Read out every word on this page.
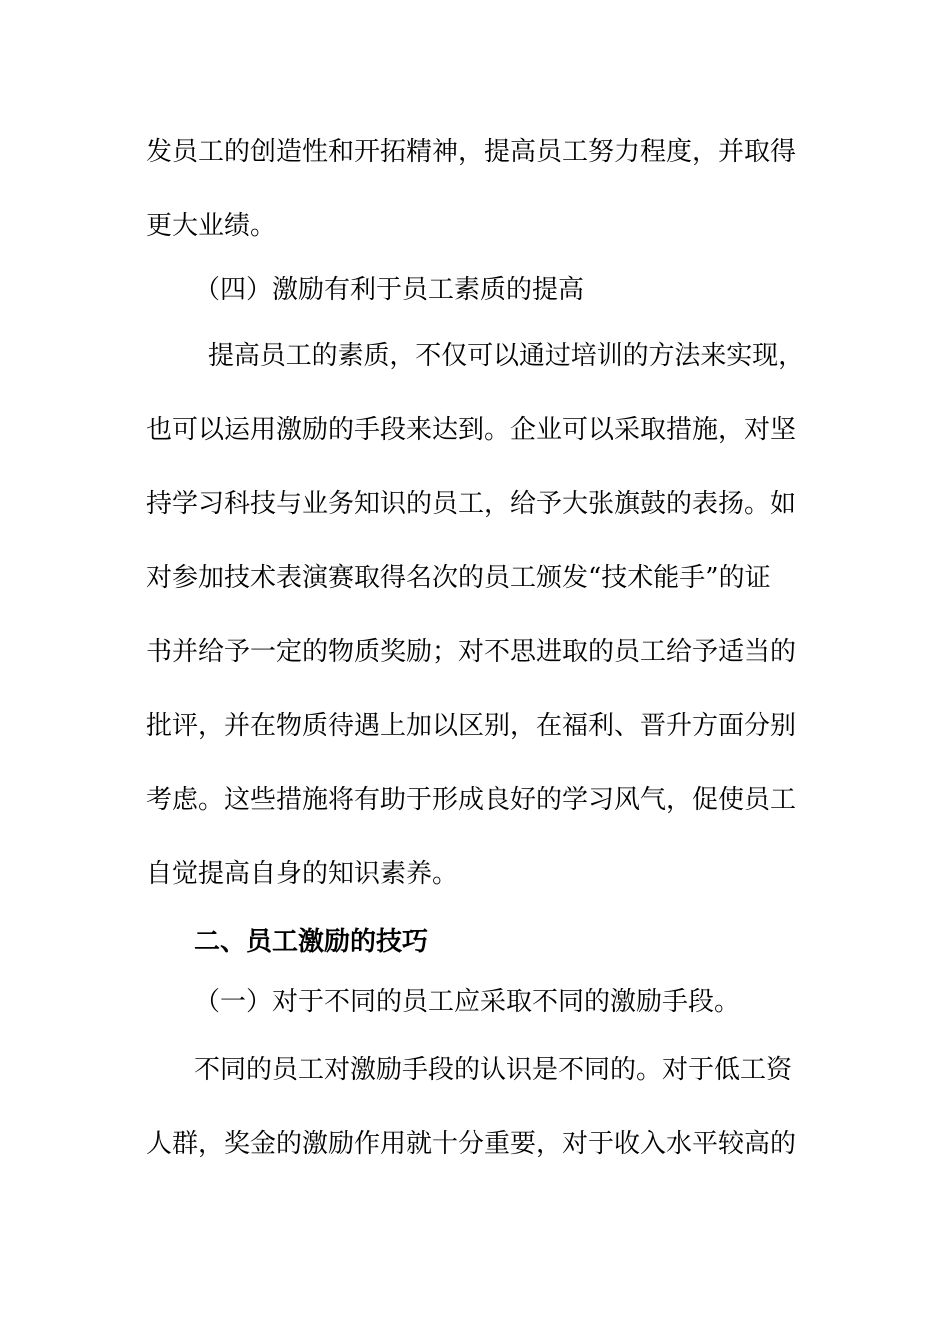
发员工的创造性和开拓精神，提高员工努力程度，并取得
更大业绩。
（四）激励有利于员工素质的提高
提高员工的素质，不仅可以通过培训的方法来实现，
也可以运用激励的手段来达到。企业可以采取措施，对坚
持学习科技与业务知识的员工，给予大张旗鼓的表扬。如
对参加技术表演赛取得名次的员工颁发“技术能手”的证
书并给予一定的物质奖励；对不思进取的员工给予适当的
批评，并在物质待遇上加以区别，在福利、晋升方面分别
考虑。这些措施将有助于形成良好的学习风气，促使员工
自觉提高自身的知识素养。
二、员工激励的技巧
（一）对于不同的员工应采取不同的激励手段。
不同的员工对激励手段的认识是不同的。对于低工资
人群，奖金的激励作用就十分重要，对于收入水平较高的
